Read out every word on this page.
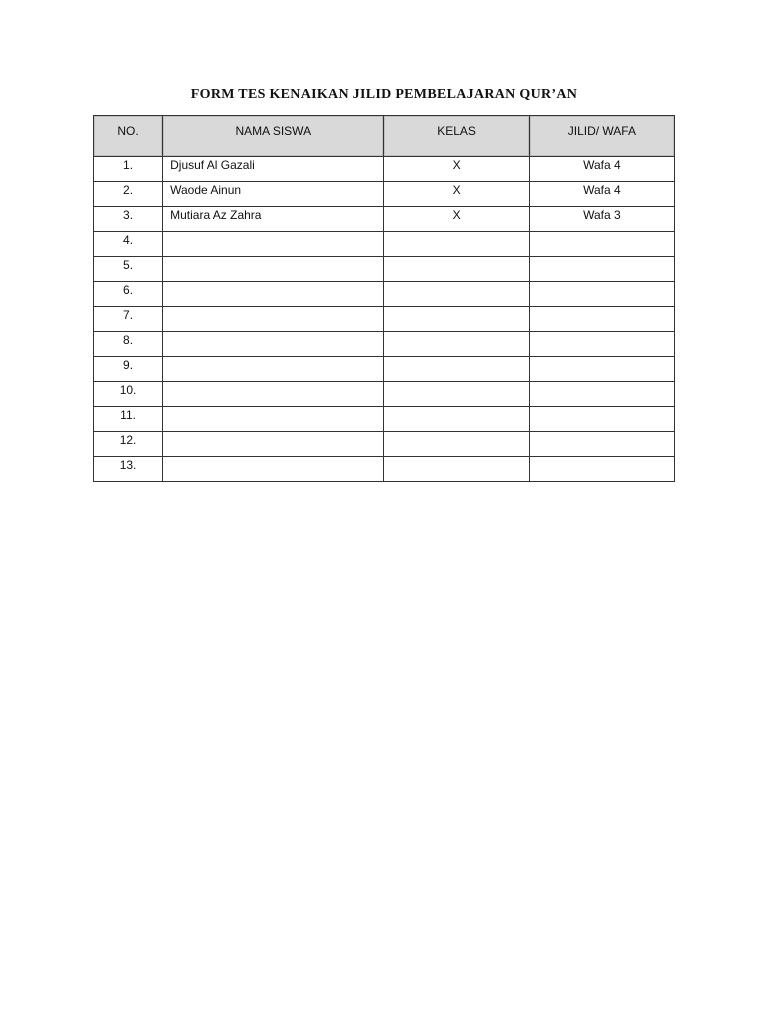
FORM TES KENAIKAN JILID PEMBELAJARAN QUR’AN
NO.	NAMA SISWA	KELAS	JILID/ WAFA
1.	Djusuf Al Gazali	X	Wafa 4
2.	Waode Ainun	X	Wafa 4
3.	Mutiara Az Zahra	X	Wafa 3
4.			
5.			
6.			
7.			
8.			
9.			
10.			
11.			
12.			
13.			
